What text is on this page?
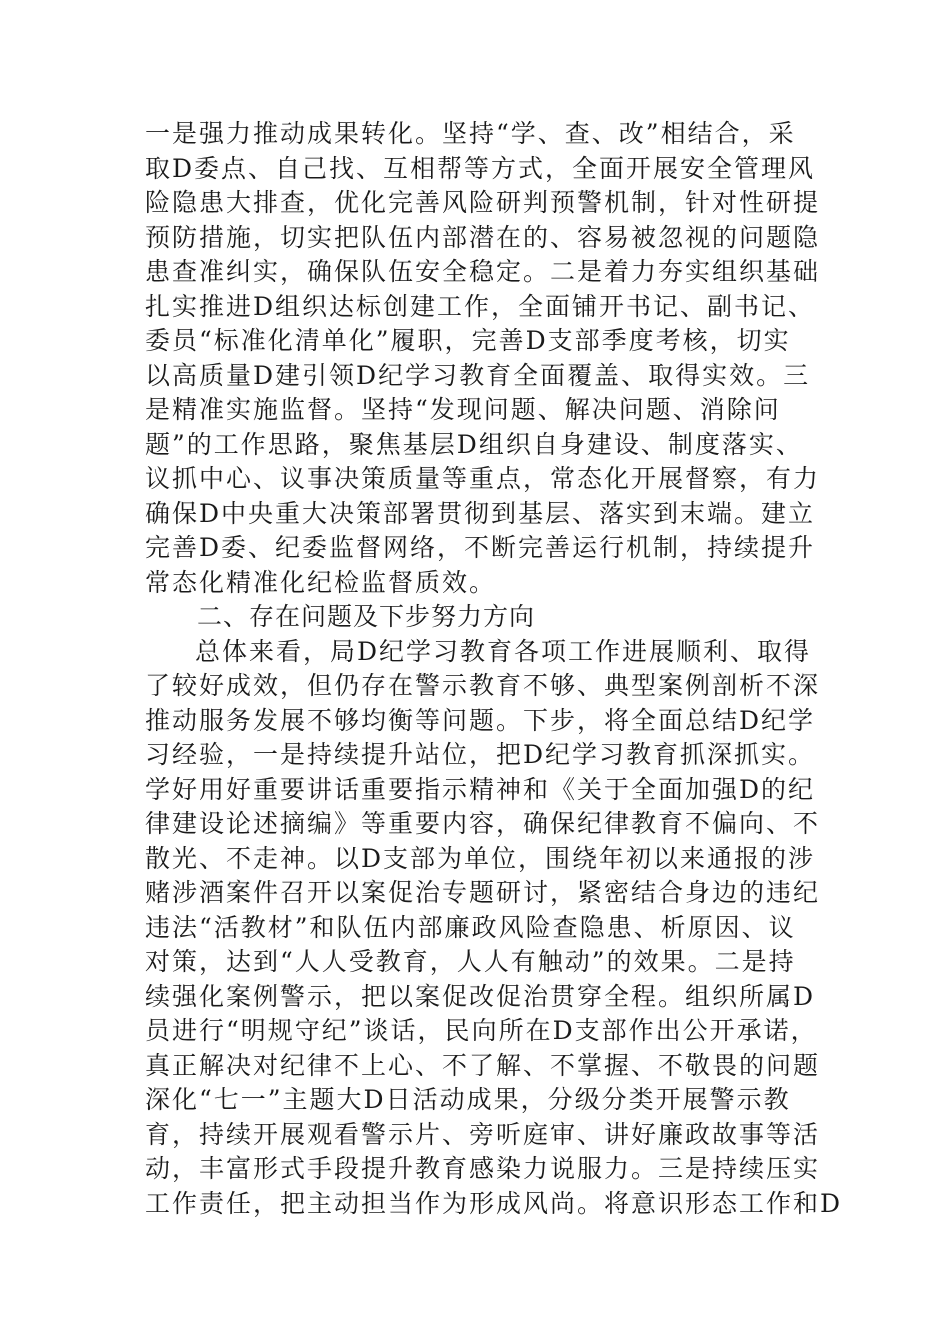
一是强力推动成果转化。坚持“学、查、改”相结合，采
取D委点、自己找、互相帮等方式，全面开展安全管理风
险隐患大排查，优化完善风险研判预警机制，针对性研提
预防措施，切实把队伍内部潜在的、容易被忽视的问题隐
患查准纠实，确保队伍安全稳定。二是着力夯实组织基础
扎实推进D组织达标创建工作，全面铺开书记、副书记、
委员“标准化清单化”履职，完善D支部季度考核，切实
以高质量D建引领D纪学习教育全面覆盖、取得实效。三
是精准实施监督。坚持“发现问题、解决问题、消除问
题”的工作思路，聚焦基层D组织自身建设、制度落实、
议抓中心、议事决策质量等重点，常态化开展督察，有力
确保D中央重大决策部署贯彻到基层、落实到末端。建立
完善D委、纪委监督网络，不断完善运行机制，持续提升
常态化精准化纪检监督质效。
二、存在问题及下步努力方向
总体来看，局D纪学习教育各项工作进展顺利、取得
了较好成效，但仍存在警示教育不够、典型案例剖析不深
推动服务发展不够均衡等问题。下步，将全面总结D纪学
习经验，一是持续提升站位，把D纪学习教育抓深抓实。
学好用好重要讲话重要指示精神和《关于全面加强D的纪
律建设论述摘编》等重要内容，确保纪律教育不偏向、不
散光、不走神。以D支部为单位，围绕年初以来通报的涉
赌涉酒案件召开以案促治专题研讨，紧密结合身边的违纪
违法“活教材”和队伍内部廉政风险查隐患、析原因、议
对策，达到“人人受教育，人人有触动”的效果。二是持
续强化案例警示，把以案促改促治贯穿全程。组织所属D
员进行“明规守纪”谈话，民向所在D支部作出公开承诺，
真正解决对纪律不上心、不了解、不掌握、不敬畏的问题
深化“七一”主题大D日活动成果，分级分类开展警示教
育，持续开展观看警示片、旁听庭审、讲好廉政故事等活
动，丰富形式手段提升教育感染力说服力。三是持续压实
工作责任，把主动担当作为形成风尚。将意识形态工作和D
